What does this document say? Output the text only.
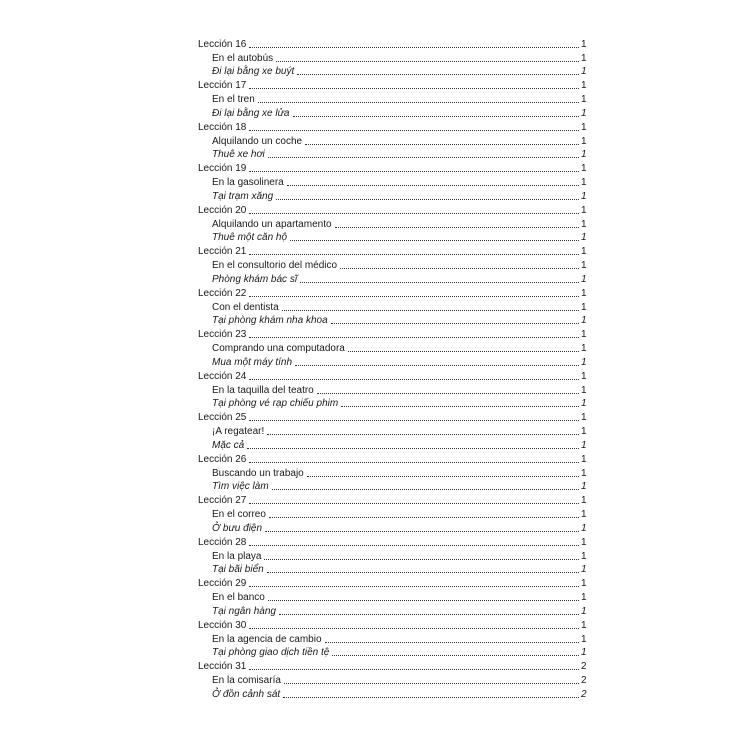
Lección 16	1
En el autobús	1
Đi lại bằng xe buýt	1
Lección 17	1
En el tren	1
Đi lại bằng xe lửa	1
Lección 18	1
Alquilando un coche	1
Thuê xe hơi	1
Lección 19	1
En la gasolinera	1
Tại trạm xăng	1
Lección 20	1
Alquilando un apartamento	1
Thuê một căn hộ	1
Lección 21	1
En el consultorio del médico	1
Phòng khám bác sĩ	1
Lección 22	1
Con el dentista	1
Tại phòng khám nha khoa	1
Lección 23	1
Comprando una computadora	1
Mua một máy tính	1
Lección 24	1
En la taquilla del teatro	1
Tại phòng vé rạp chiếu phim	1
Lección 25	1
¡A regatear!	1
Mặc cả	1
Lección 26	1
Buscando un trabajo	1
Tìm việc làm	1
Lección 27	1
En el correo	1
Ở bưu điện	1
Lección 28	1
En la playa	1
Tại bãi biển	1
Lección 29	1
En el banco	1
Tại ngân hàng	1
Lección 30	1
En la agencia de cambio	1
Tại phòng giao dịch tiền tệ	1
Lección 31	2
En la comisaría	2
Ở đồn cảnh sát	2
